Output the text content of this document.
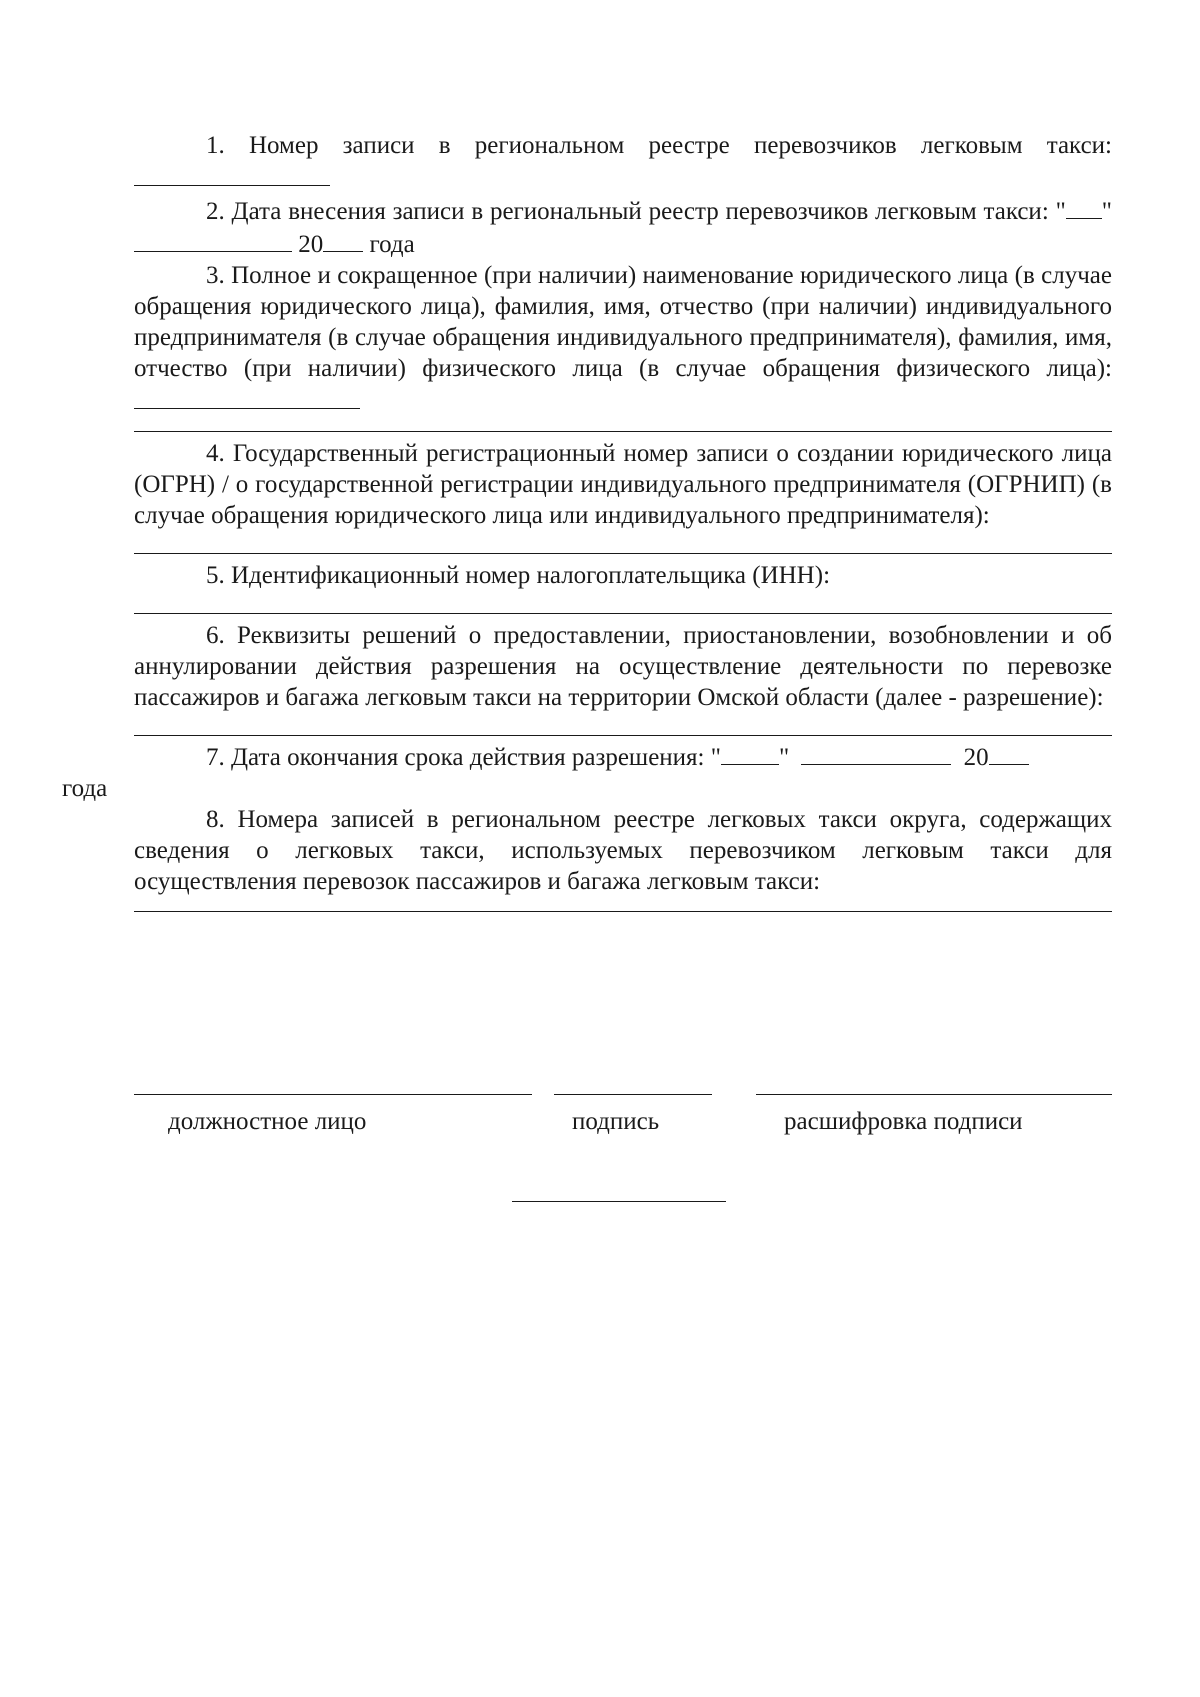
1. Номер записи в региональном реестре перевозчиков легковым такси:

2. Дата внесения записи в региональный реестр перевозчиков легковым такси: " "  20 года

3. Полное и сокращенное (при наличии) наименование юридического лица (в случае обращения юридического лица), фамилия, имя, отчество (при наличии) индивидуального предпринимателя (в случае обращения индивидуального предпринимателя), фамилия, имя, отчество (при наличии) физического лица (в случае обращения физического лица):

4. Государственный регистрационный номер записи о создании юридического лица (ОГРН) / о государственной регистрации индивидуального предпринимателя (ОГРНИП) (в случае обращения юридического лица или индивидуального предпринимателя):

5. Идентификационный номер налогоплательщика (ИНН):

6. Реквизиты решений о предоставлении, приостановлении, возобновлении и об аннулировании действия разрешения на осуществление деятельности по перевозке пассажиров и багажа легковым такси на территории Омской области (далее - разрешение):

7. Дата окончания срока действия разрешения: " "	20
года

8. Номера записей в региональном реестре легковых такси округа, содержащих сведения о легковых такси, используемых перевозчиком легковым такси для осуществления перевозок пассажиров и багажа легковым такси:

должностное лицо	подпись	расшифровка подписи
